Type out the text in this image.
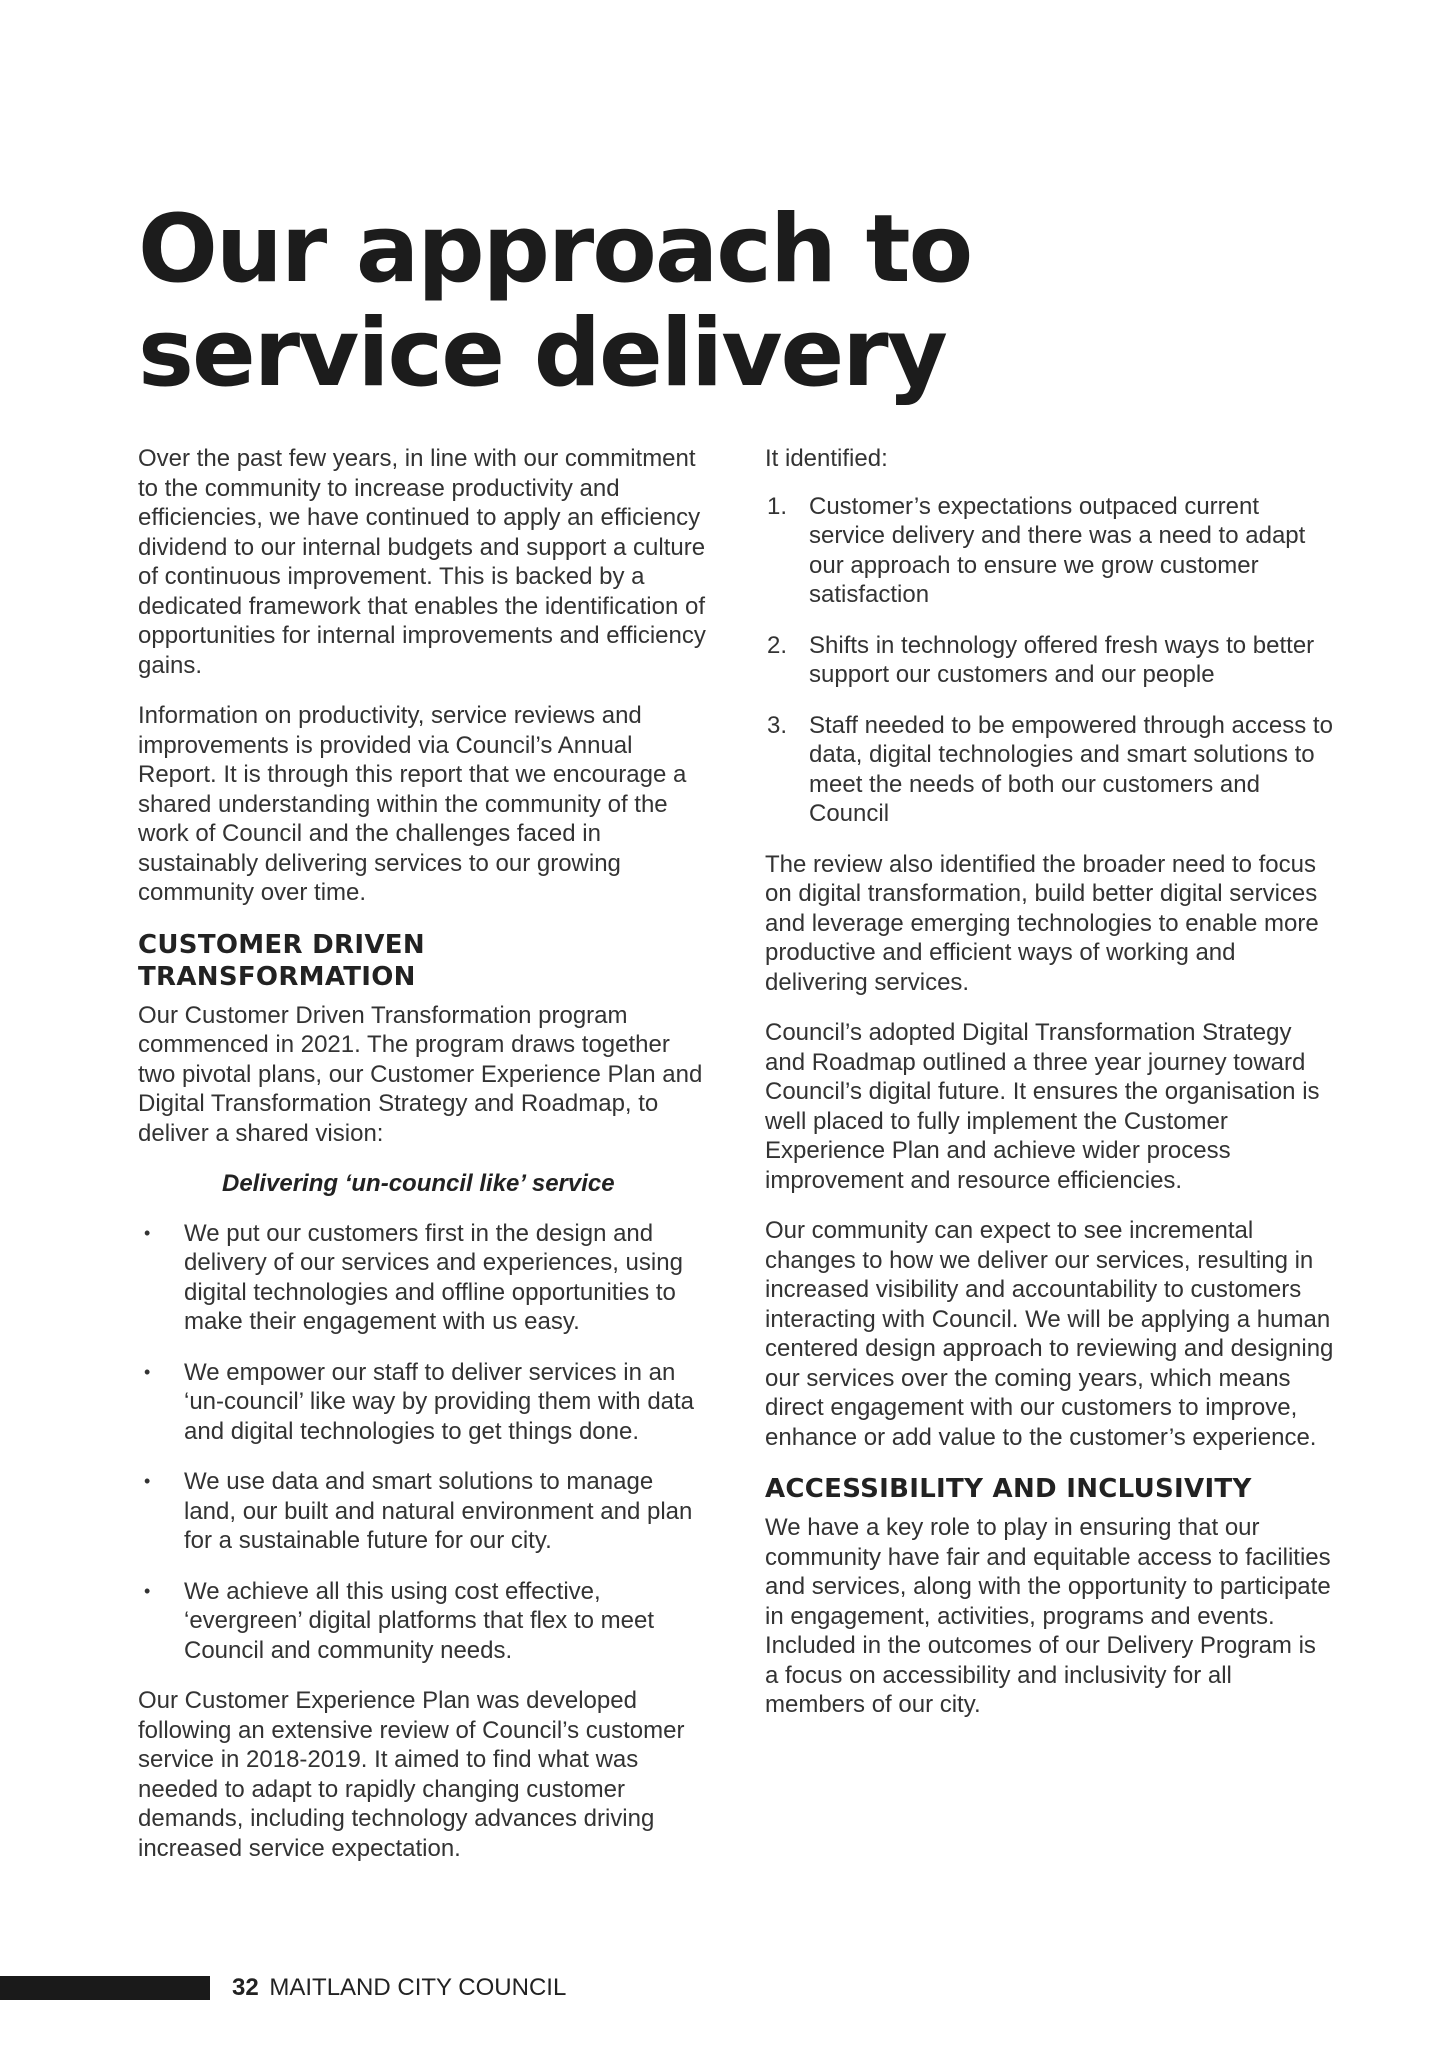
Our approach to service delivery

Over the past few years, in line with our commitment to the community to increase productivity and efficiencies, we have continued to apply an efficiency dividend to our internal budgets and support a culture of continuous improvement. This is backed by a dedicated framework that enables the identification of opportunities for internal improvements and efficiency gains.

Information on productivity, service reviews and improvements is provided via Council’s Annual Report. It is through this report that we encourage a shared understanding within the community of the work of Council and the challenges faced in sustainably delivering services to our growing community over time.

CUSTOMER DRIVEN TRANSFORMATION

Our Customer Driven Transformation program commenced in 2021. The program draws together two pivotal plans, our Customer Experience Plan and Digital Transformation Strategy and Roadmap, to deliver a shared vision:

Delivering ‘un-council like’ service

• We put our customers first in the design and delivery of our services and experiences, using digital technologies and offline opportunities to make their engagement with us easy.
• We empower our staff to deliver services in an ‘un-council’ like way by providing them with data and digital technologies to get things done.
• We use data and smart solutions to manage land, our built and natural environment and plan for a sustainable future for our city.
• We achieve all this using cost effective, ‘evergreen’ digital platforms that flex to meet Council and community needs.

Our Customer Experience Plan was developed following an extensive review of Council’s customer service in 2018-2019. It aimed to find what was needed to adapt to rapidly changing customer demands, including technology advances driving increased service expectation.

It identified:

1. Customer’s expectations outpaced current service delivery and there was a need to adapt our approach to ensure we grow customer satisfaction
2. Shifts in technology offered fresh ways to better support our customers and our people
3. Staff needed to be empowered through access to data, digital technologies and smart solutions to meet the needs of both our customers and Council

The review also identified the broader need to focus on digital transformation, build better digital services and leverage emerging technologies to enable more productive and efficient ways of working and delivering services.

Council’s adopted Digital Transformation Strategy and Roadmap outlined a three year journey toward Council’s digital future. It ensures the organisation is well placed to fully implement the Customer Experience Plan and achieve wider process improvement and resource efficiencies.

Our community can expect to see incremental changes to how we deliver our services, resulting in increased visibility and accountability to customers interacting with Council. We will be applying a human centered design approach to reviewing and designing our services over the coming years, which means direct engagement with our customers to improve, enhance or add value to the customer’s experience.

ACCESSIBILITY AND INCLUSIVITY

We have a key role to play in ensuring that our community have fair and equitable access to facilities and services, along with the opportunity to participate in engagement, activities, programs and events. Included in the outcomes of our Delivery Program is a focus on accessibility and inclusivity for all members of our city.

32 MAITLAND CITY COUNCIL
